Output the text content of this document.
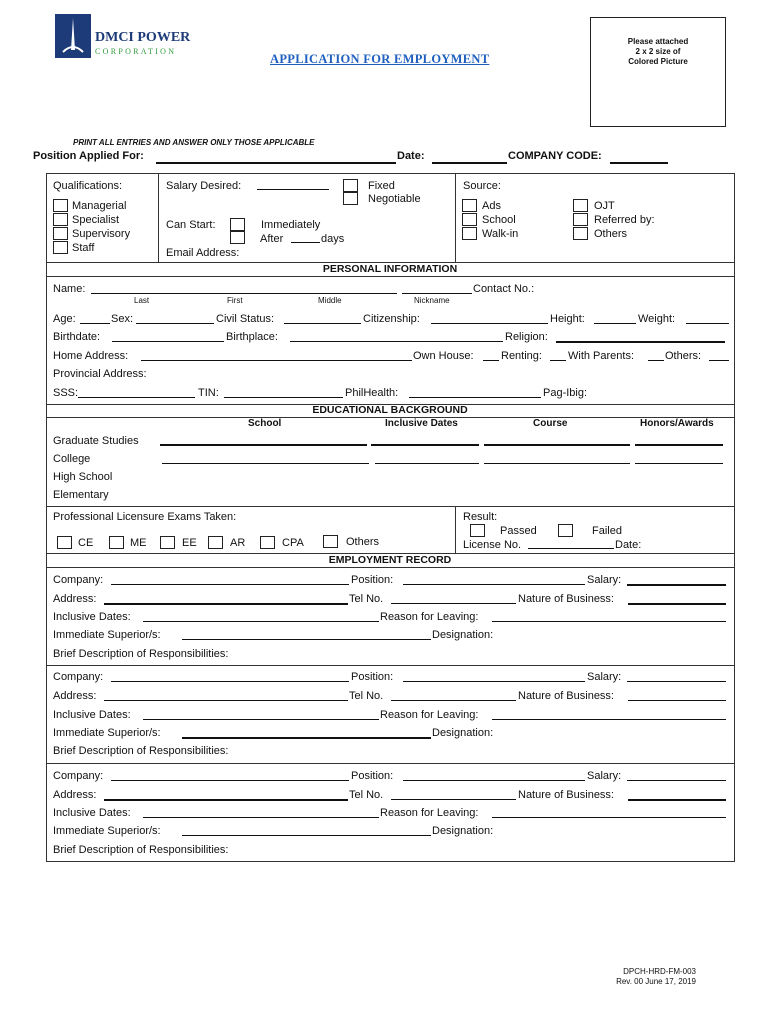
DMCI POWER
CORPORATION
APPLICATION FOR EMPLOYMENT
Please attached
2 x 2 size of
Colored Picture
PRINT ALL ENTRIES AND ANSWER ONLY THOSE APPLICABLE
Position Applied For:	Date:	COMPANY CODE:
Qualifications:
Managerial
Specialist
Supervisory
Staff
Salary Desired:	Fixed
Negotiable
Can Start:	Immediately
After	days
Email Address:
Source:
Ads
School
Walk-in
OJT
Referred by:
Others
PERSONAL INFORMATION
Name:	Contact No.:
Last	First	Middle	Nickname
Age:	Sex:	Civil Status:	Citizenship:	Height:	Weight:
Birthdate:	Birthplace:	Religion:
Home Address:	Own House: Renting: With Parents:	Others:
Provincial Address:
SSS:	TIN:	PhilHealth:	Pag-Ibig:
EDUCATIONAL BACKGROUND
School	Inclusive Dates	Course	Honors/Awards
Graduate Studies
College
High School
Elementary
Professional Licensure Exams Taken:
CE	ME	EE	AR	CPA	Others
Result:
Passed	Failed
License No.	Date:
EMPLOYMENT RECORD
Company:	Position:	Salary:
Address:	Tel No.	Nature of Business:
Inclusive Dates:	Reason for Leaving:
Immediate Superior/s:	Designation:
Brief Description of Responsibilities:
Company:	Position:	Salary:
Address:	Tel No.	Nature of Business:
Inclusive Dates:	Reason for Leaving:
Immediate Superior/s:	Designation:
Brief Description of Responsibilities:
Company:	Position:	Salary:
Address:	Tel No.	Nature of Business:
Inclusive Dates:	Reason for Leaving:
Immediate Superior/s:	Designation:
Brief Description of Responsibilities:
DPCH-HRD-FM-003
Rev. 00 June 17, 2019
